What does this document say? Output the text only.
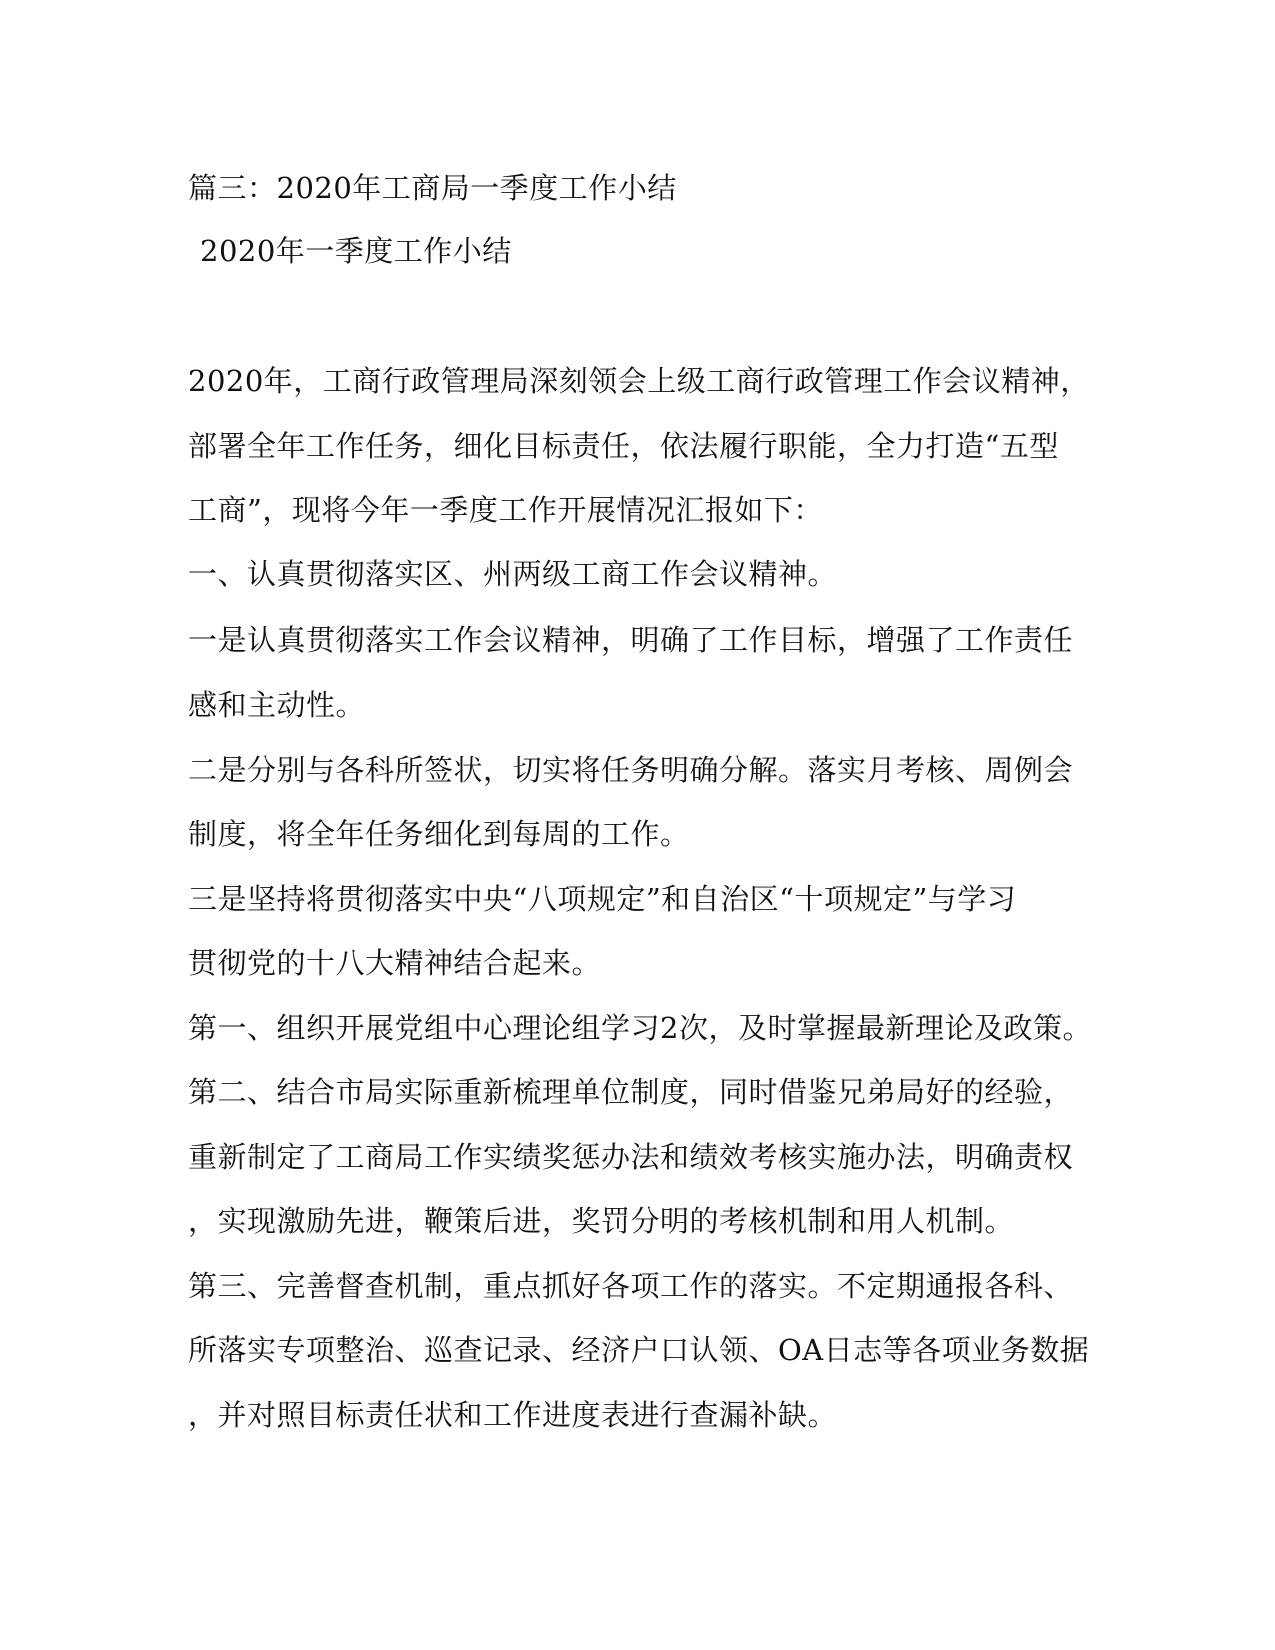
篇三：2020年工商局一季度工作小结
2020年一季度工作小结
2020年，工商行政管理局深刻领会上级工商行政管理工作会议精神，
部署全年工作任务，细化目标责任，依法履行职能，全力打造“五型
工商”，现将今年一季度工作开展情况汇报如下：
一、认真贯彻落实区、州两级工商工作会议精神。
一是认真贯彻落实工作会议精神，明确了工作目标，增强了工作责任
感和主动性。
二是分别与各科所签状，切实将任务明确分解。落实月考核、周例会
制度，将全年任务细化到每周的工作。
三是坚持将贯彻落实中央“八项规定”和自治区“十项规定”与学习
贯彻党的十八大精神结合起来。
第一、组织开展党组中心理论组学习2次，及时掌握最新理论及政策。
第二、结合市局实际重新梳理单位制度，同时借鉴兄弟局好的经验，
重新制定了工商局工作实绩奖惩办法和绩效考核实施办法，明确责权
，实现激励先进，鞭策后进，奖罚分明的考核机制和用人机制。
第三、完善督查机制，重点抓好各项工作的落实。不定期通报各科、
所落实专项整治、巡查记录、经济户口认领、OA日志等各项业务数据
，并对照目标责任状和工作进度表进行查漏补缺。
